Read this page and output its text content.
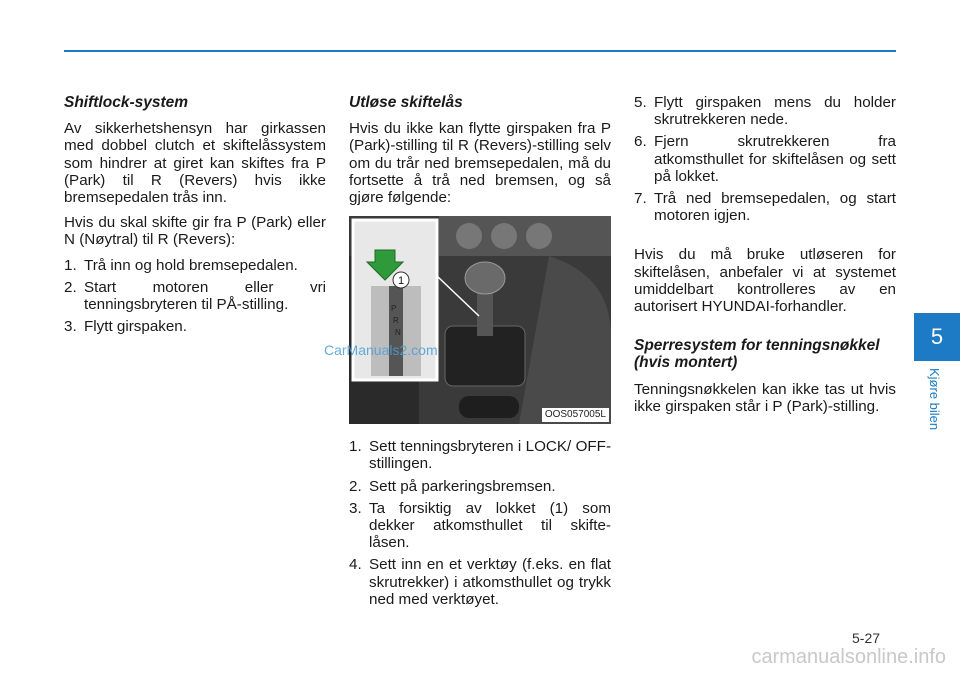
Shiftlock-system

Av sikkerhetshensyn har girkassen med dobbel clutch et skiftelåssystem som hindrer at giret kan skiftes fra P (Park) til R (Revers) hvis ikke bremsepedalen trås inn.

Hvis du skal skifte gir fra P (Park) eller N (Nøytral) til R (Revers):

1. Trå inn og hold bremsepedalen.
2. Start motoren eller vri tenningsbryteren til PÅ-stilling.
3. Flytt girspaken.
Utløse skiftelås

Hvis du ikke kan flytte girspaken fra P (Park)-stilling til R (Revers)-stilling selv om du trår ned bremsepedalen, må du fortsette å trå ned bremsen, og så gjøre følgende:

1
P
R
N
OOS057005L
1. Sett tenningsbryteren i LOCK/ OFF-stillingen.
2. Sett på parkeringsbremsen.
3. Ta forsiktig av lokket (1) som dekker atkomsthullet til skifte- låsen.
4. Sett inn en et verktøy (f.eks. en flat skrutrekker) i atkomsthullet og trykk ned med verktøyet.
5. Flytt girspaken mens du holder skrutrekkeren nede.
6. Fjern skrutrekkeren fra atkomsthullet for skiftelåsen og sett på lokket.
7. Trå ned bremsepedalen, og start motoren igjen.

Hvis du må bruke utløseren for skiftelåsen, anbefaler vi at systemet umiddelbart kontrolleres av en autorisert HYUNDAI-forhandler.

Sperresystem for tenningsnøkkel (hvis montert)

Tenningsnøkkelen kan ikke tas ut hvis ikke girspaken står i P (Park)-stilling.

CarManuals2.com
5
Kjøre bilen
5-27
carmanualsonline.info
